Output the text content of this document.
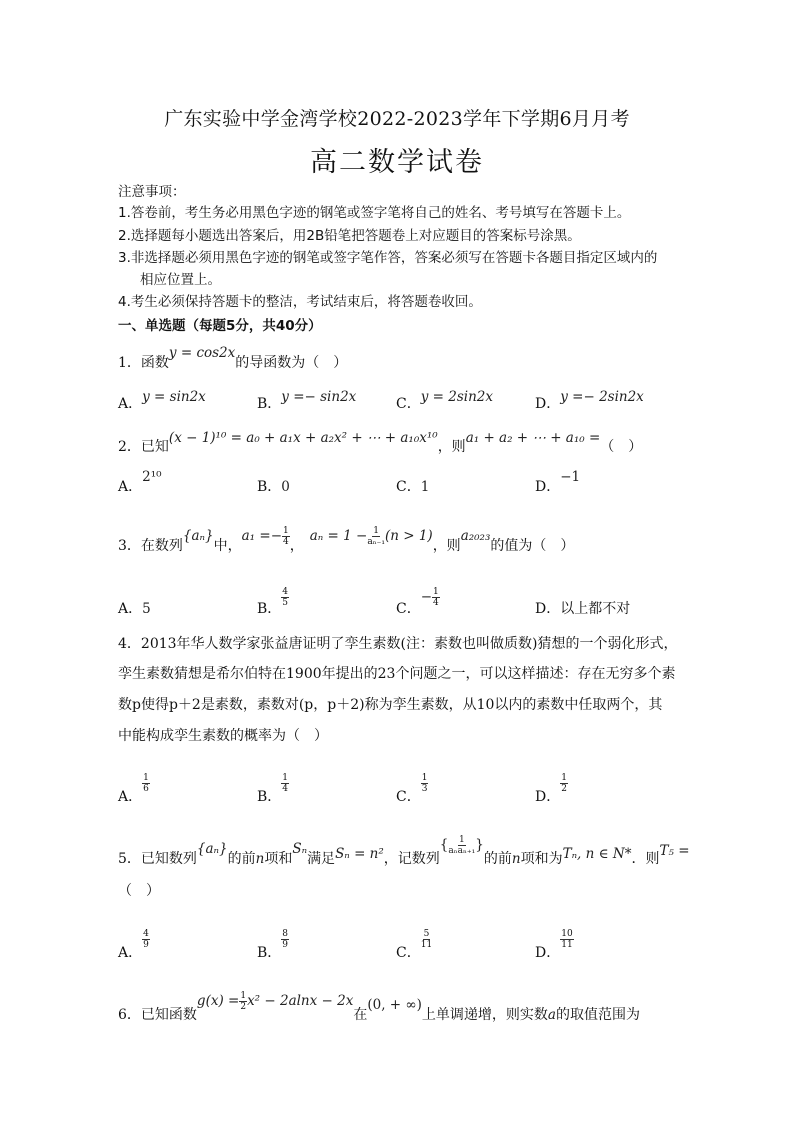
广东实验中学金湾学校2022-2023学年下学期6月月考
高二数学试卷
注意事项：
1.答卷前，考生务必用黑色字迹的钢笔或签字笔将自己的姓名、考号填写在答题卡上。
2.选择题每小题选出答案后，用2B铅笔把答题卷上对应题目的答案标号涂黑。
3.非选择题必须用黑色字迹的钢笔或签字笔作答，答案必须写在答题卡各题目指定区域内的
相应位置上。
4.考生必须保持答题卡的整洁，考试结束后，将答题卷收回。
一、单选题（每题5分，共40分）
1．函数y = cos2x的导函数为（　）
A．y = sin2x	B．y =− sin2x	C．y = 2sin2x	D．y =− 2sin2x
2．已知(x − 1)¹⁰ = a₀ + a₁x + a₂x² + ⋯ + a₁₀x¹⁰，则a₁ + a₂ + ⋯ + a₁₀ =（　）
A．2¹⁰
B．0	C．1	D．−1
3．在数列{aₙ}中，$a_1 =- \frac{1}{4}$ ，$a_n = 1 - \frac{1}{\text{aₙ₋₁}} (n > 1)$，则a₂₀₂₃的值为（　）
A．5	B．
$\frac{4}{5}$
C．− $\frac{1}{4}$
D．以上都不对
4．2013年华人数学家张益唐证明了孪生素数(注：素数也叫做质数)猜想的一个弱化形式，
孪生素数猜想是希尔伯特在1900年提出的23个问题之一，可以这样描述：存在无穷多个素
数p使得p＋2是素数，素数对(p，p＋2)称为孪生素数，从10以内的素数中任取两个，其
中能构成孪生素数的概率为（　）
A．
$\frac{1}{6}$
B．
$\frac{1}{4}$
C．
$\frac{1}{3}$
D．
$\frac{1}{2}$
5．已知数列{aₙ}的前n项和Sₙ满足Sₙ = n²，记数列{ $\frac{1}{\text{aₙaₙ₊₁}}$ }的前n项和为Tₙ, n ∈ N*．则T₅ =
（　）
A．
$\frac{4}{9}$
B．
$\frac{8}{9}$
C．
$\frac{5}{11}$
D．
$\frac{10}{11}$
6．已知函数$g(x) = \frac{1}{2} x^2 - 2alnx - 2x$在(0, + ∞)上单调递增，则实数a的取值范围为
